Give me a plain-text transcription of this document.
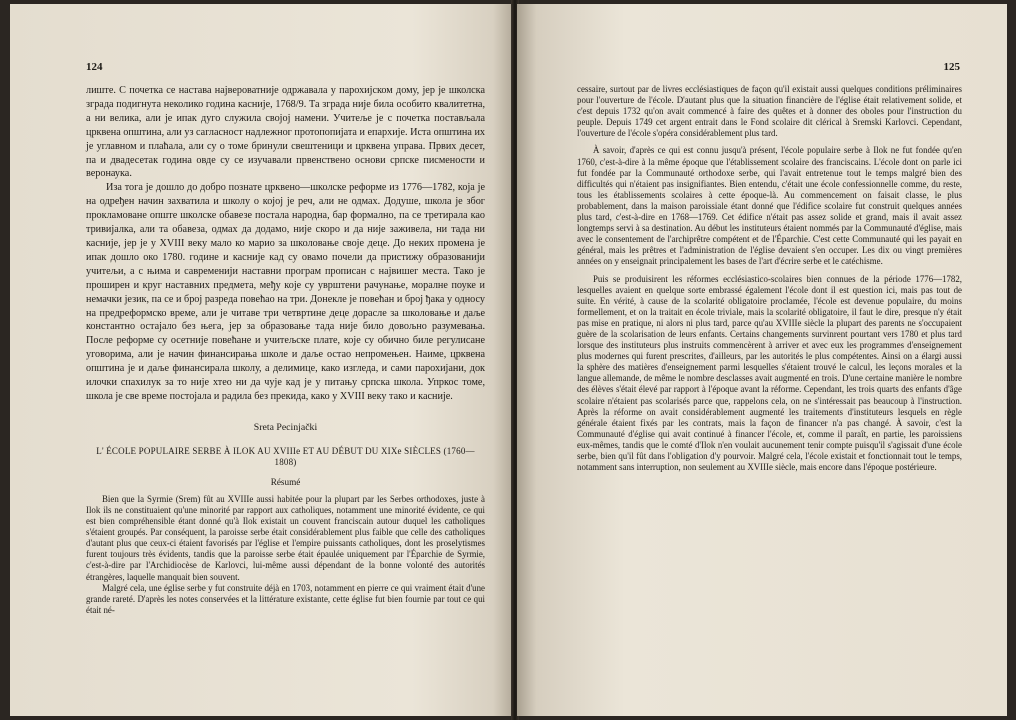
124

лиште. С почетка се настава највероватније одржавала у парохијском дому, јер је школска зграда подигнута неколико година касније, 1768/9. Та зграда није била особито квалитетна, а ни велика, али је ипак дуго служила својој намени. Учитеље је с почетка постављала црквена општина, али уз сагласност надлежног протопопијата и епархије. Иста општина их је углавном и плаћала, али су о томе бринули свештеници и црквена управа. Првих десет, па и двадесетак година овде су се изучавали првенствено основи српске писмености и веронаука.

Иза тога је дошло до добро познате црквено—школске реформе из 1776—1782, која је на одређен начин захватила и школу о којој је реч, али не одмах. Додуше, школа је због прокламоване опште школске обавезе постала народна, бар формално, па се третирала као тривијалка, али та обавеза, одмах да додамо, није скоро и да није заживела, ни тада ни касније, јер је у XVIII веку мало ко марио за школовање своје деце. До неких промена је ипак дошло око 1780. године и касније кад су овамо почели да пристижу образованији учитељи, а с њима и савременији наставни програм прописан с највишег места. Тако је проширен и круг наставних предмета, међу које су уврштени рачунање, моралне поуке и немачки језик, па се и број разреда повећао на три. Донекле је повећан и број ђака у односу на предреформско време, али је читаве три четвртине деце дорасле за школовање и даље константно остајало без њега, јер за образовање тада није било довољно разумевања. После реформе су осетније повећане и учитељске плате, које су обично биле регулисане уговорима, али је начин финансирања школе и даље остао непромењен. Наиме, црквена општина је и даље финансирала школу, а делимице, како изгледа, и сами парохијани, док илочки спахилук за то није хтео ни да чује кад је у питању српска школа. Упркос томе, школа је све време постојала и радила без прекида, како у XVIII веку тако и касније.

Sreta Pecinjački
L' ÉCOLE POPULAIRE SERBE À ILOK AU XVIIIe ET AU DÉBUT DU XIXe SIÈCLES (1760—1808)
Résumé

Bien que la Syrmie (Srem) fût au XVIIIe aussi habitée pour la plupart par les Serbes orthodoxes, juste à Ilok ils ne constituaient qu'une minorité par rapport aux catholiques, notamment une minorité évidente, ce qui est bien compréhensible étant donné qu'à Ilok existait un couvent franciscain autour duquel les catholiques s'étaient groupés. Par conséquent, la paroisse serbe était considérablement plus faible que celle des catholiques d'autant plus que ceux-ci étaient favorisés par l'église et l'empire puissants catholiques, dont les proselytismes furent toujours très évidents, tandis que la paroisse serbe était épaulée uniquement par l'Éparchie de Syrmie, c'est-à-dire par l'Archidiocèse de Karlovci, lui-même aussi dépendant de la bonne volonté des autorités étrangères, laquelle manquait bien souvent.

Malgré cela, une église serbe y fut construite déjà en 1703, notamment en pierre ce qui vraiment était d'une grande rareté. D'après les notes conservées et la littérature existante, cette église fut bien fournie par tout ce qui était né-

125

cessaire, surtout par de livres ecclésiastiques de façon qu'il existait aussi quelques conditions préliminaires pour l'ouverture de l'école. D'autant plus que la situation financière de l'église était relativement solide, et c'est depuis 1732 qu'on avait commencé à faire des quêtes et à donner des oboles pour l'instruction du peuple. Depuis 1749 cet argent entrait dans le Fond scolaire dit clérical à Sremski Karlovci. Cependant, l'ouverture de l'école s'opéra considérablement plus tard.

À savoir, d'après ce qui est connu jusqu'à présent, l'école populaire serbe à Ilok ne fut fondée qu'en 1760, c'est-à-dire à la même époque que l'établissement scolaire des franciscains. L'école dont on parle ici fut fondée par la Communauté orthodoxe serbe, qui l'avait entretenue tout le temps malgré bien des difficultés qui n'étaient pas insignifiantes. Bien entendu, c'était une école confessionnelle comme, du reste, tous les établissements scolaires à cette époque-là. Au commencement on faisait classe, le plus probablement, dans la maison paroissiale étant donné que l'édifice scolaire fut construit quelques années plus tard, c'est-à-dire en 1768—1769. Cet édifice n'était pas assez solide et grand, mais il avait assez longtemps servi à sa destination. Au début les instituteurs étaient nommés par la Communauté d'église, mais avec le consentement de l'archiprêtre compétent et de l'Éparchie. C'est cette Communauté qui les payait en général, mais les prêtres et l'administration de l'église devaient s'en occuper. Les dix ou vingt premières années on y enseignait principalement les bases de l'art d'écrire serbe et le catéchisme.

Puis se produisirent les réformes ecclésiastico-scolaires bien connues de la période 1776—1782, lesquelles avaient en quelque sorte embrassé également l'école dont il est question ici, mais pas tout de suite. En vérité, à cause de la scolarité obligatoire proclamée, l'école est devenue populaire, du moins formellement, et on la traitait en école triviale, mais la scolarité obligatoire, il faut le dire, presque n'y était pas mise en pratique, ni alors ni plus tard, parce qu'au XVIIIe siècle la plupart des parents ne s'occupaient guère de la scolarisation de leurs enfants. Certains changements survinrent pourtant vers 1780 et plus tard lorsque des instituteurs plus instruits commencèrent à arriver et avec eux les programmes d'enseignement plus modernes qui furent prescrites, d'ailleurs, par les autorités le plus compétentes. Ainsi on a élargi aussi la sphère des matières d'enseignement parmi lesquelles s'étaient trouvé le calcul, les leçons morales et la langue allemande, de même le nombre desclasses avait augmenté en trois. D'une certaine manière le nombre des élèves s'était élevé par rapport à l'époque avant la réforme. Cependant, les trois quarts des enfants d'âge scolaire n'étaient pas scolarisés parce que, rappelons cela, on ne s'intéressait pas beaucoup à l'instruction. Après la réforme on avait considérablement augmenté les traitements d'instituteurs lesquels en règle générale étaient fixés par les contrats, mais la façon de financer n'a pas changé. À savoir, c'est la Communauté d'église qui avait continué à financer l'école, et, comme il paraît, en partie, les paroissiens eux-mêmes, tandis que le comté d'Ilok n'en voulait aucunement tenir compte puisqu'il s'agissait d'une école serbe, bien qu'il fût dans l'obligation d'y pourvoir. Malgré cela, l'école existait et fonctionnait tout le temps, notamment sans interruption, non seulement au XVIIIe siècle, mais encore dans l'époque postérieure.
